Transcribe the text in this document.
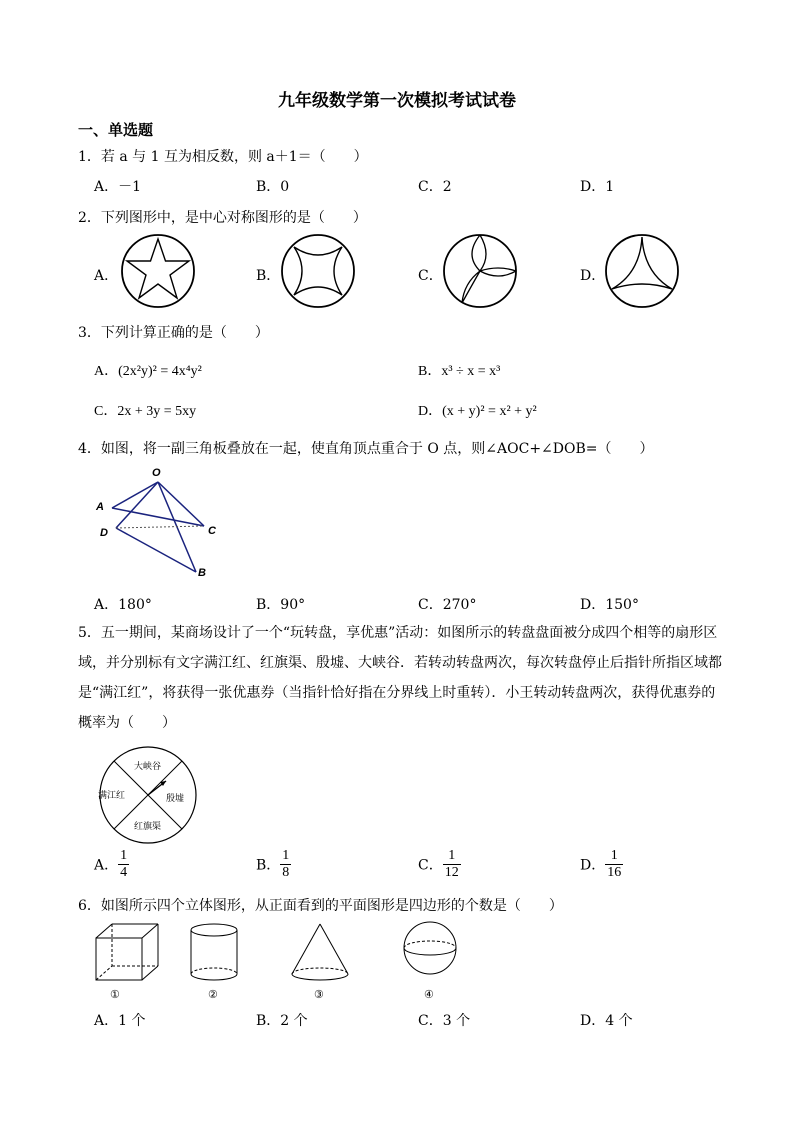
九年级数学第一次模拟考试试卷
一、单选题
1．若 a 与 1 互为相反数，则 a＋1＝（　　）
A．－1	B．0	C．2	D．1
2．下列图形中，是中心对称图形的是（　　）
A．	B．	C．	D．
3．下列计算正确的是（　　）
A．(2x²y)² = 4x⁴y²	B．x³ ÷ x = x³
C．2x + 3y = 5xy	D．(x + y)² = x² + y²
4．如图，将一副三角板叠放在一起，使直角顶点重合于 O 点，则∠AOC+∠DOB=（　　）
O
A
D	C
B
A．180°	B．90°	C．270°	D．150°
5．五一期间，某商场设计了一个“玩转盘，享优惠”活动：如图所示的转盘盘面被分成四个相等的扇形区
域，并分别标有文字满江红、红旗渠、殷墟、大峡谷．若转动转盘两次，每次转盘停止后指针所指区域都
是“满江红”，将获得一张优惠券（当指针恰好指在分界线上时重转）．小王转动转盘两次，获得优惠券的
概率为（　　）
大峡谷
满江红	殷墟
红旗渠
A． $\frac{1}{4}$	B． $\frac{1}{8}$	C． $\frac{1}{12}$	D． $\frac{1}{16}$
6．如图所示四个立体图形，从正面看到的平面图形是四边形的个数是（　　）
①	②	③	④
A．1 个	B．2 个	C．3 个	D．4 个
